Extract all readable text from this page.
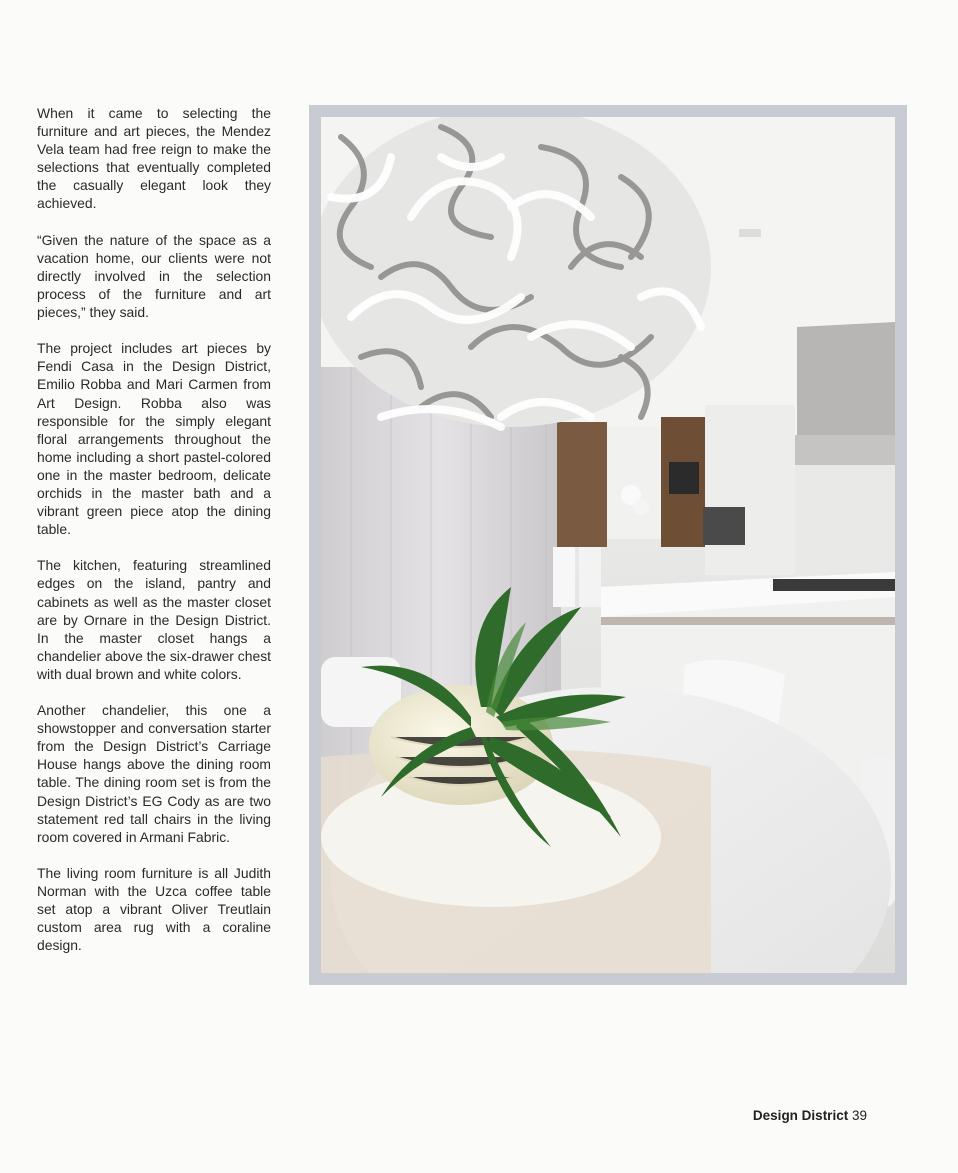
When it came to selecting the furniture and art pieces, the Mendez Vela team had free reign to make the selections that eventually completed the casually elegant look they achieved.

“Given the nature of the space as a vacation home, our clients were not directly involved in the selection process of the furniture and art pieces,” they said.

The project includes art pieces by Fendi Casa in the Design District, Emilio Robba and Mari Carmen from Art Design. Robba also was responsible for the simply elegant floral arrangements throughout the home including a short pastel-colored one in the master bedroom, delicate orchids in the master bath and a vibrant green piece atop the dining table.

The kitchen, featuring streamlined edges on the island, pantry and cabinets as well as the master closet are by Ornare in the Design District. In the master closet hangs a chandelier above the six-drawer chest with dual brown and white colors.

Another chandelier, this one a showstopper and conversation starter from the Design District’s Carriage House hangs above the dining room table. The dining room set is from the Design District’s EG Cody as are two statement red tall chairs in the living room covered in Armani Fabric.

The living room furniture is all Judith Norman with the Uzca coffee table set atop a vibrant Oliver Treutlain custom area rug with a coraline design.

Design District 39
